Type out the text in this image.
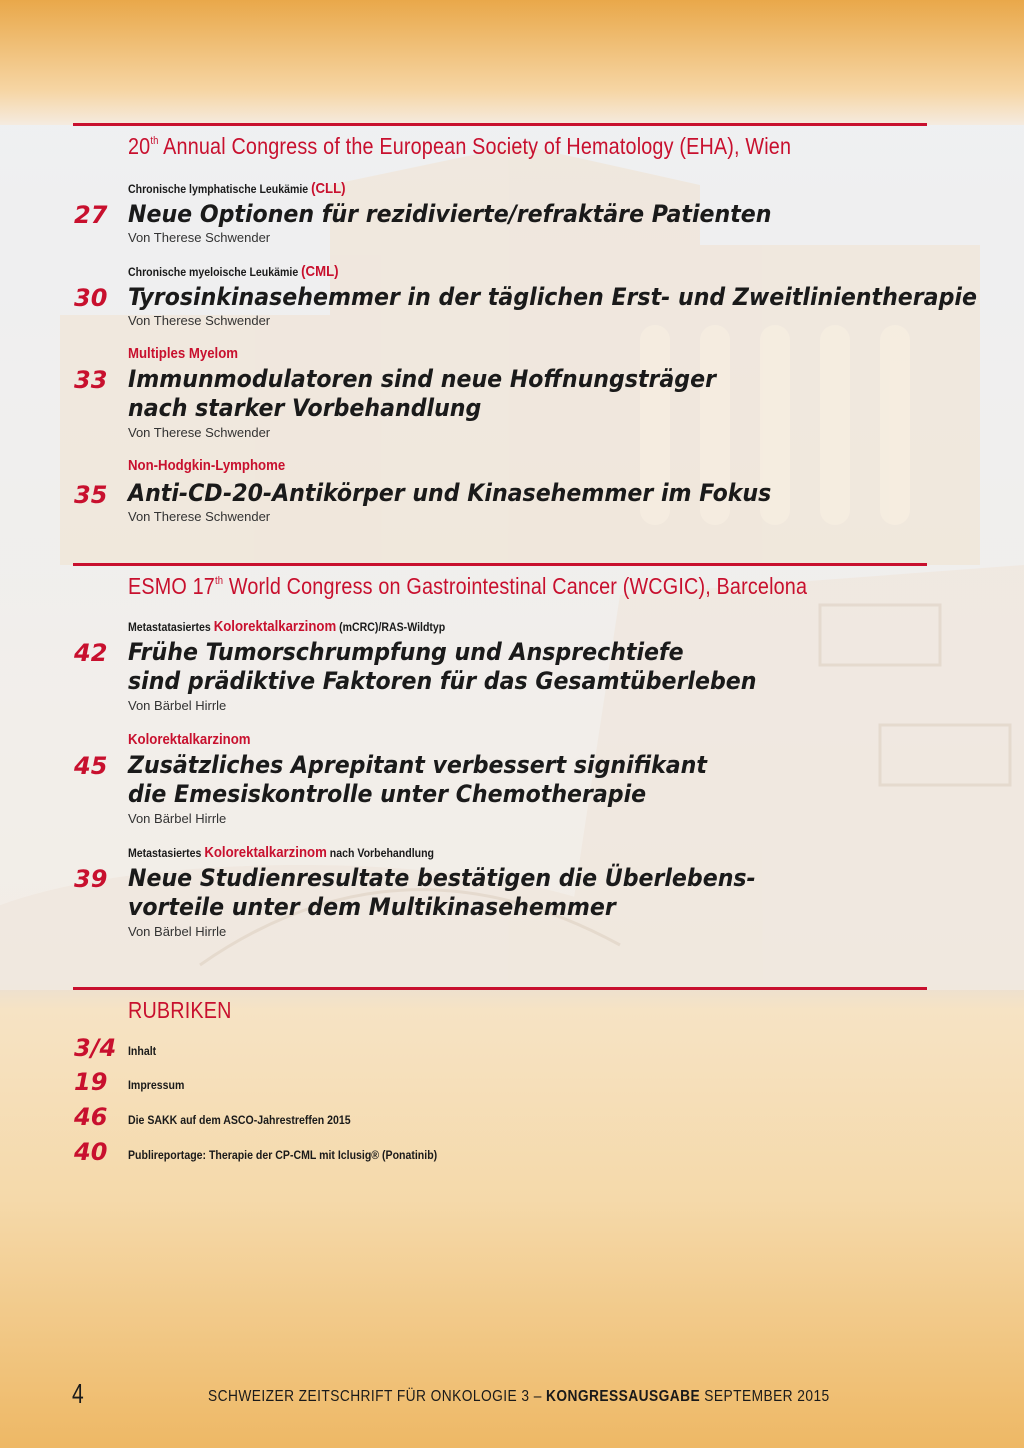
20th Annual Congress of the European Society of Hematology (EHA), Wien
Chronische lymphatische Leukämie (CLL)
27 Neue Optionen für rezidivierte/refraktäre Patienten
Von Therese Schwender
Chronische myeloische Leukämie (CML)
30 Tyrosinkinasehemmer in der täglichen Erst- und Zweitlinientherapie
Von Therese Schwender
Multiples Myelom
33 Immunmodulatoren sind neue Hoffnungsträger
nach starker Vorbehandlung
Von Therese Schwender
Non-Hodgkin-Lymphome
35 Anti-CD-20-Antikörper und Kinasehemmer im Fokus
Von Therese Schwender
ESMO 17th World Congress on Gastrointestinal Cancer (WCGIC), Barcelona
Metastatasiertes Kolorektalkarzinom (mCRC)/RAS-Wildtyp
42 Frühe Tumorschrumpfung und Ansprechtiefe
sind prädiktive Faktoren für das Gesamtüberleben
Von Bärbel Hirrle
Kolorektalkarzinom
45 Zusätzliches Aprepitant verbessert signifikant
die Emesiskontrolle unter Chemotherapie
Von Bärbel Hirrle
Metastasiertes Kolorektalkarzinom nach Vorbehandlung
39 Neue Studienresultate bestätigen die Überlebens-
vorteile unter dem Multikinasehemmer
Von Bärbel Hirrle
RUBRIKEN
3/4 Inhalt
19 Impressum
46 Die SAKK auf dem ASCO-Jahrestreffen 2015
40 Publireportage: Therapie der CP-CML mit Iclusig® (Ponatinib)
4	SCHWEIZER ZEITSCHRIFT FÜR ONKOLOGIE 3 – KONGRESSAUSGABE SEPTEMBER 2015
